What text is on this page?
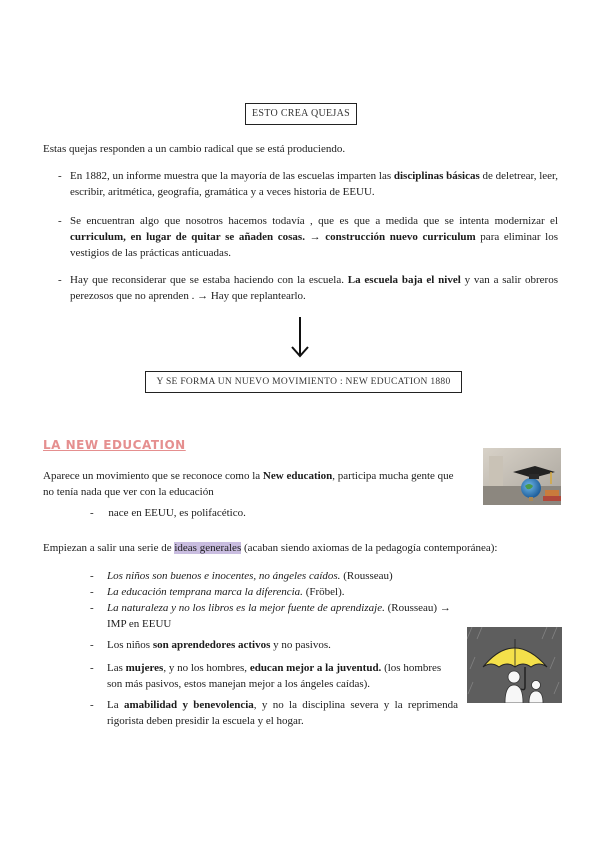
ESTO CREA QUEJAS
Estas quejas responden a un cambio radical que se está produciendo.
- En 1882, un informe muestra que la mayoría de las escuelas imparten las disciplinas básicas de deletrear, leer, escribir, aritmética, geografía, gramática y a veces historia de EEUU.
- Se encuentran algo que nosotros hacemos todavía , que es que a medida que se intenta modernizar el curriculum, en lugar de quitar se añaden cosas. → construcción nuevo curriculum para eliminar los vestigios de las prácticas anticuadas.
- Hay que reconsiderar que se estaba haciendo con la escuela. La escuela baja el nivel y van a salir obreros perezosos que no aprenden . → Hay que replantearlo.
Y SE FORMA UN NUEVO MOVIMIENTO : NEW EDUCATION 1880
LA NEW EDUCATION
Aparece un movimiento que se reconoce como la New education, participa mucha gente que no tenía nada que ver con la educación
- nace en EEUU, es polifacético.
Empiezan a salir una serie de ideas generales (acaban siendo axiomas de la pedagogía contemporánea):
- Los niños son buenos e inocentes, no ángeles caídos. (Rousseau)
- La educación temprana marca la diferencia. (Fröbel).
- La naturaleza y no los libros es la mejor fuente de aprendizaje. (Rousseau) →
IMP en EEUU
- Los niños son aprendedores activos y no pasivos.
- Las mujeres, y no los hombres, educan mejor a la juventud. (los hombres son más pasivos, estos manejan mejor a los ángeles caídas).
- La amabilidad y benevolencia, y no la disciplina severa y la reprimenda rigorista deben presidir la escuela y el hogar.
